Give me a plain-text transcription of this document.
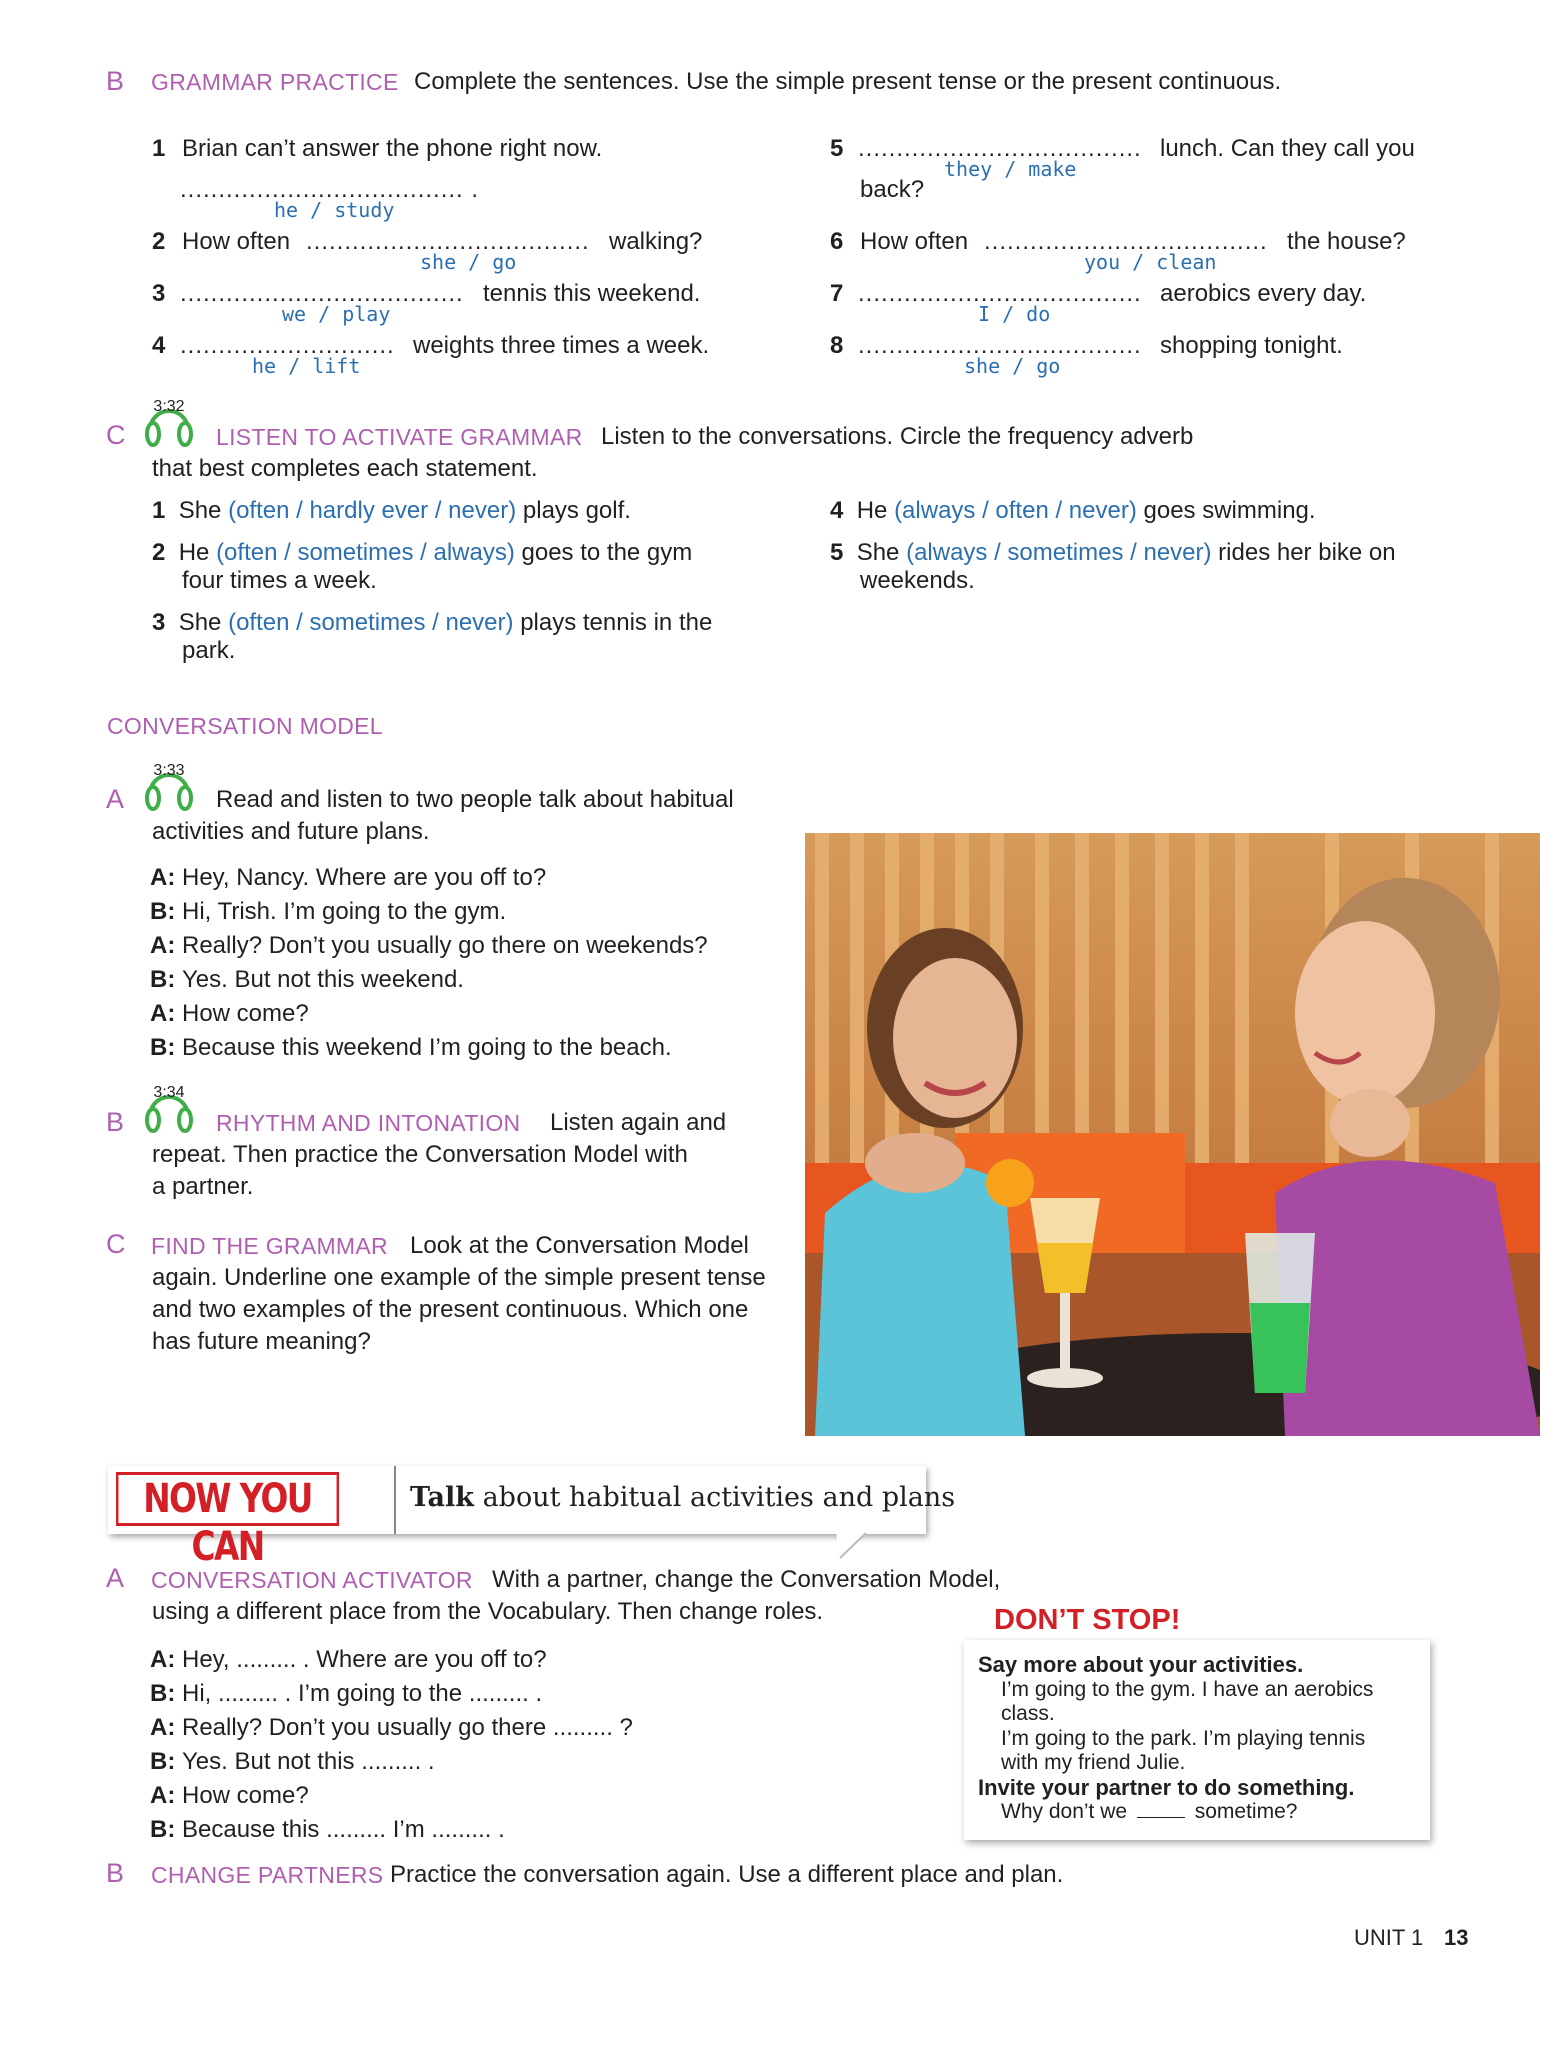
B GRAMMAR PRACTICE Complete the sentences. Use the simple present tense or the present continuous.
1 Brian can’t answer the phone right now.
..................................... .
he / study
2 How often ..................................... walking?
she / go
3 ..................................... tennis this weekend.
we / play
4 ............................ weights three times a week.
he / lift
5 ..................................... lunch. Can they call you
they / make
back?
6 How often ..................................... the house?
you / clean
7 ..................................... aerobics every day.
I / do
8 ..................................... shopping tonight.
she / go
C
3:32
LISTEN TO ACTIVATE GRAMMAR Listen to the conversations. Circle the frequency adverb
that best completes each statement.
1 She (often / hardly ever / never) plays golf.
2 He (often / sometimes / always) goes to the gym
four times a week.
3 She (often / sometimes / never) plays tennis in the
park.
4 He (always / often / never) goes swimming.
5 She (always / sometimes / never) rides her bike on
weekends.
CONVERSATION MODEL
A
3:33
Read and listen to two people talk about habitual
activities and future plans.
A: Hey, Nancy. Where are you off to?
B: Hi, Trish. I’m going to the gym.
A: Really? Don’t you usually go there on weekends?
B: Yes. But not this weekend.
A: How come?
B: Because this weekend I’m going to the beach.
B
3:34
RHYTHM AND INTONATION Listen again and
repeat. Then practice the Conversation Model with
a partner.
C FIND THE GRAMMAR Look at the Conversation Model
again. Underline one example of the simple present tense
and two examples of the present continuous. Which one
has future meaning?
NOW YOU CAN
Talk about habitual activities and plans
A CONVERSATION ACTIVATOR With a partner, change the Conversation Model,
using a different place from the Vocabulary. Then change roles.
A: Hey, ......... . Where are you off to?
B: Hi, ......... . I’m going to the ......... .
A: Really? Don’t you usually go there ......... ?
B: Yes. But not this ......... .
A: How come?
B: Because this ......... I’m ......... .
DON’T STOP!
Say more about your activities.
I’m going to the gym. I have an aerobics
class.
I’m going to the park. I’m playing tennis
with my friend Julie.
Invite your partner to do something.
Why don’t we	sometime?
B CHANGE PARTNERS Practice the conversation again. Use a different place and plan.
UNIT 1 13
